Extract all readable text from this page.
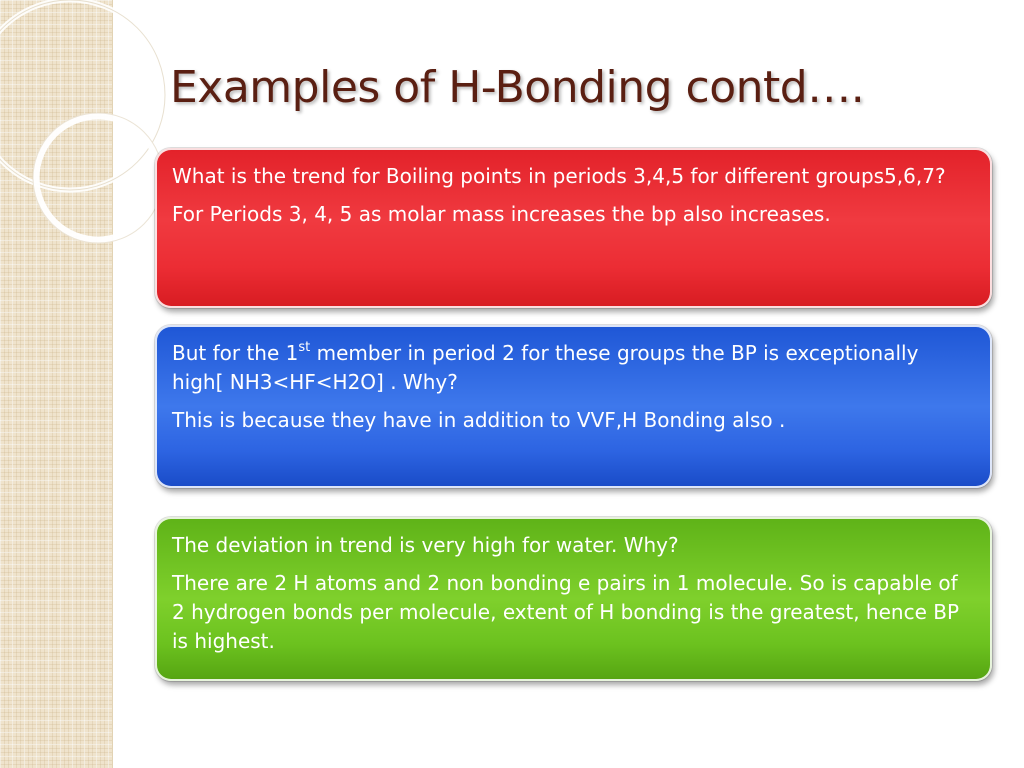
Examples of H-Bonding contd….

What is the trend for Boiling points in periods 3,4,5 for different groups5,6,7?

For Periods 3, 4, 5 as molar mass increases the bp also increases.

But for the 1st member in period 2 for these groups the BP is exceptionally high[ NH3<HF<H2O] . Why?

This is because they have in addition to VVF,H Bonding also .

The deviation in trend is very high for water. Why?

There are 2 H atoms and 2 non bonding e pairs in 1 molecule. So is capable of 2 hydrogen bonds per molecule, extent of H bonding is the greatest, hence BP is highest.
